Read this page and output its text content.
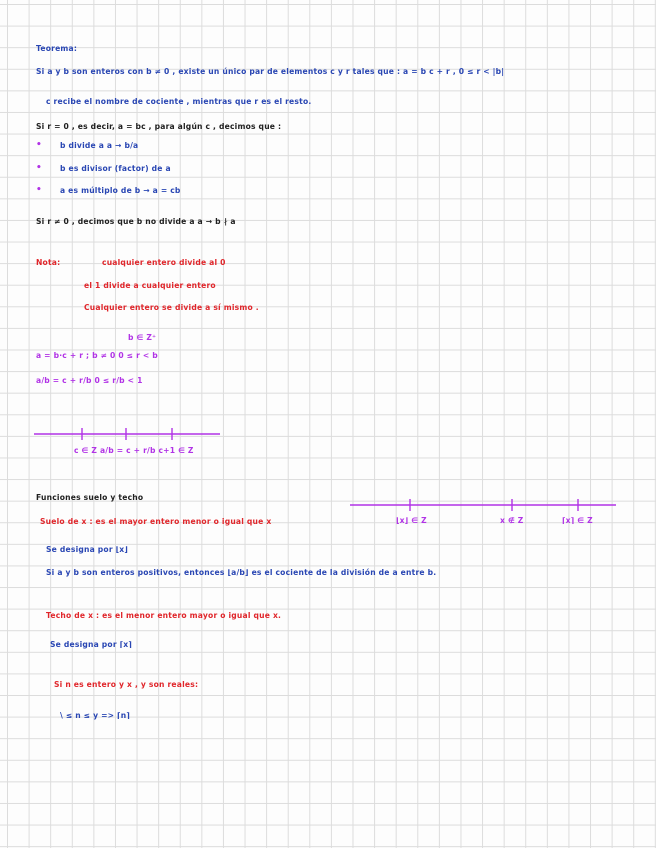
Teorema:
Si a y b son enteros con b ≠ 0 , existe un único par de elementos c y r tales que : a = b c + r , 0 ≤ r < |b|
c recibe el nombre de cociente , mientras que r es el resto.
Si r = 0 , es decir, a = bc , para algún c , decimos que :
• b divide a a → b/a
• b es divisor (factor) de a
• a es múltiplo de b → a = cb
Si r ≠ 0 , decimos que b no divide a a → b ∤ a
Nota:	cualquier entero divide al 0
el 1 divide a cualquier entero
Cualquier entero se divide a sí mismo .
b ∈ Z⁺
a = b·c + r ; b ≠ 0 0 ≤ r < b
a/b = c + r/b 0 ≤ r/b < 1
c ∈ Z a/b = c + r/b c+1 ∈ Z
Funciones suelo y techo
⌊x⌋ ∈ Z	x ∉ Z	⌈x⌉ ∈ Z
Suelo de x : es el mayor entero menor o igual que x
Se designa por ⌊x⌋
Si a y b son enteros positivos, entonces ⌊a/b⌋ es el cociente de la división de a entre b.
Techo de x : es el menor entero mayor o igual que x.
Se designa por ⌈x⌉
Si n es entero y x , y son reales:
\ ≤ n ≤ y => ⌈n⌉
